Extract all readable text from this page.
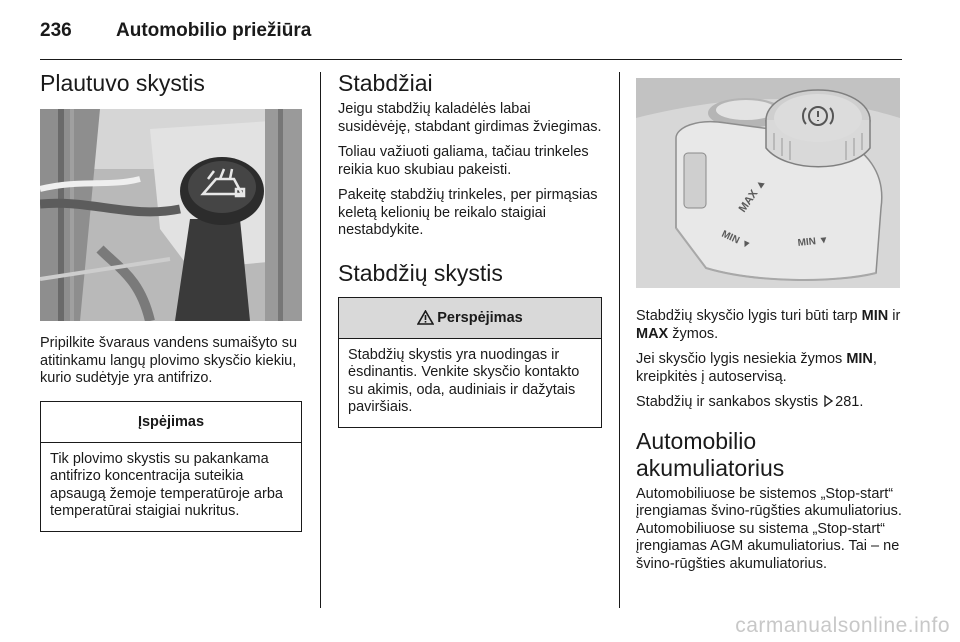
236 Automobilio priežiūra
Plautuvo skystis

Pripilkite švaraus vandens sumaišyto su atitinkamu langų plovimo skysčio kiekiu, kurio sudėtyje yra antifrizo.

Įspėjimas

Tik plovimo skystis su pakankama antifrizo koncentracija suteikia apsaugą žemoje temperatūroje arba temperatūrai staigiai nukritus.

Stabdžiai

Jeigu stabdžių kaladėlės labai susidėvėję, stabdant girdimas žviegimas.

Toliau važiuoti galiama, tačiau trinkeles reikia kuo skubiau pakeisti.

Pakeitę stabdžių trinkeles, per pirmąsias keletą kelionių be reikalo staigiai nestabdykite.

Stabdžių skystis
Perspėjimas

Stabdžių skystis yra nuodingas ir ėsdinantis. Venkite skysčio kontakto su akimis, oda, audiniais ir dažytais paviršiais.

MAX ▲
MIN ▼	MIN ▼

Stabdžių skysčio lygis turi būti tarp MIN ir MAX žymos.

Jei skysčio lygis nesiekia žymos MIN, kreipkitės į autoservisą.

Stabdžių ir sankabos skystis 281.

Automobilio
akumuliatorius

Automobiliuose be sistemos „Stop-start“ įrengiamas švino-rūgšties akumuliatorius. Automobiliuose su sistema „Stop-start“ įrengiamas AGM akumuliatorius. Tai – ne švino-rūgšties akumuliatorius.

carmanualsonline.info
